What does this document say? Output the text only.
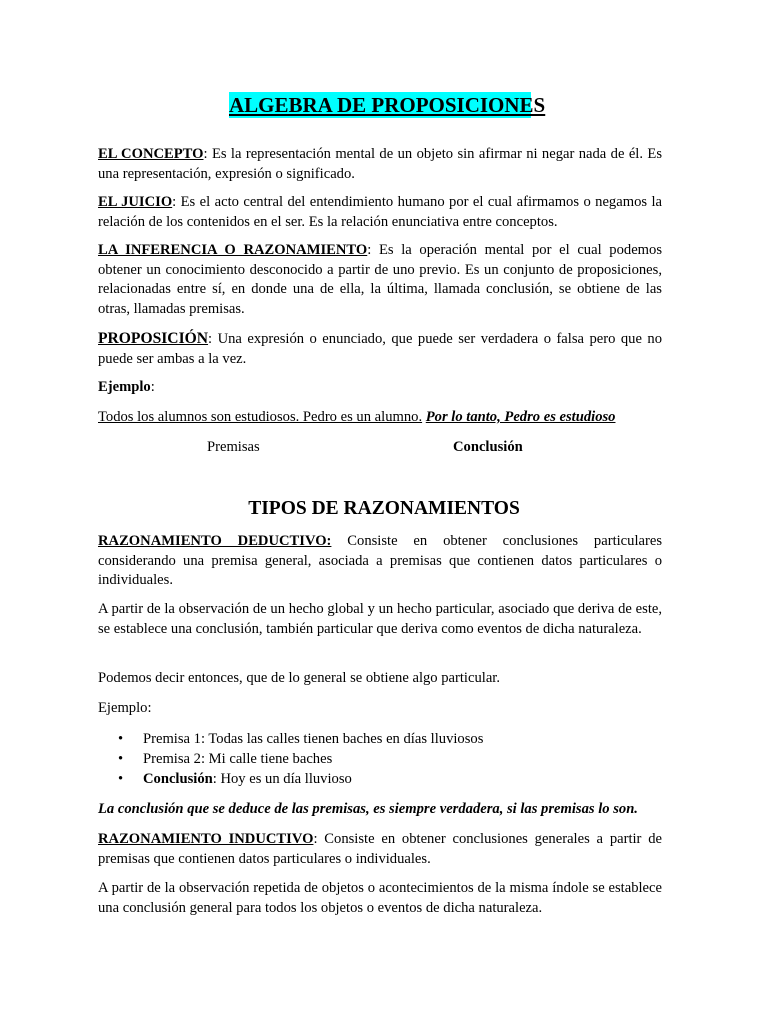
ALGEBRA DE PROPOSICIONES
EL CONCEPTO: Es la representación mental de un objeto sin afirmar ni negar nada de él. Es una representación, expresión o significado.
EL JUICIO: Es el acto central del entendimiento humano por el cual afirmamos o negamos la relación de los contenidos en el ser. Es la relación enunciativa entre conceptos.
LA INFERENCIA O RAZONAMIENTO: Es la operación mental por el cual podemos obtener un conocimiento desconocido a partir de uno previo. Es un conjunto de proposiciones, relacionadas entre sí, en donde una de ella, la última, llamada conclusión, se obtiene de las otras, llamadas premisas.
PROPOSICIÓN: Una expresión o enunciado, que puede ser verdadera o falsa pero que no puede ser ambas a la vez.
Ejemplo:
Todos los alumnos son estudiosos. Pedro es un alumno. Por lo tanto, Pedro es estudioso
Premisas	Conclusión
TIPOS DE RAZONAMIENTOS
RAZONAMIENTO DEDUCTIVO: Consiste en obtener conclusiones particulares considerando una premisa general, asociada a premisas que contienen datos particulares o individuales.
A partir de la observación de un hecho global y un hecho particular, asociado que deriva de este, se establece una conclusión, también particular que deriva como eventos de dicha naturaleza.
Podemos decir entonces, que de lo general se obtiene algo particular.
Ejemplo:
• Premisa 1: Todas las calles tienen baches en días lluviosos
• Premisa 2: Mi calle tiene baches
• Conclusión: Hoy es un día lluvioso
La conclusión que se deduce de las premisas, es siempre verdadera, si las premisas lo son.
RAZONAMIENTO INDUCTIVO: Consiste en obtener conclusiones generales a partir de premisas que contienen datos particulares o individuales.
A partir de la observación repetida de objetos o acontecimientos de la misma índole se establece una conclusión general para todos los objetos o eventos de dicha naturaleza.
